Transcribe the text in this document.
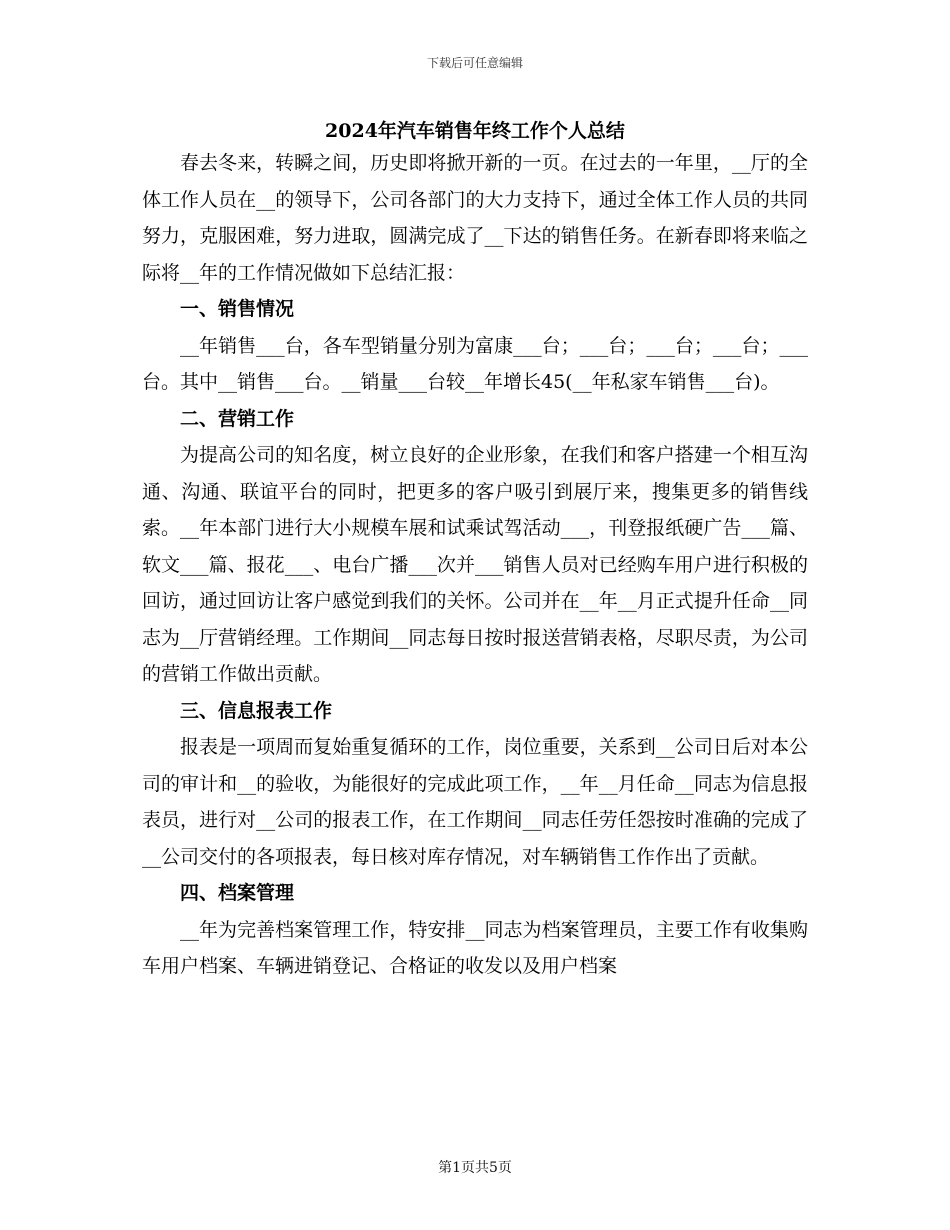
下载后可任意编辑
2024年汽车销售年终工作个人总结

春去冬来，转瞬之间，历史即将掀开新的一页。在过去的一年里，__厅的全体工作人员在__的领导下，公司各部门的大力支持下，通过全体工作人员的共同努力，克服困难，努力进取，圆满完成了__下达的销售任务。在新春即将来临之际将__年的工作情况做如下总结汇报：

一、销售情况

__年销售___台，各车型销量分别为富康___台；___台；___台；___台；___台。其中__销售___台。__销量___台较__年增长45(__年私家车销售___台)。

二、营销工作

为提高公司的知名度，树立良好的企业形象，在我们和客户搭建一个相互沟通、沟通、联谊平台的同时，把更多的客户吸引到展厅来，搜集更多的销售线索。__年本部门进行大小规模车展和试乘试驾活动___，刊登报纸硬广告___篇、软文___篇、报花___、电台广播___次并___销售人员对已经购车用户进行积极的回访，通过回访让客户感觉到我们的关怀。公司并在__年__月正式提升任命__同志为__厅营销经理。工作期间__同志每日按时报送营销表格，尽职尽责，为公司的营销工作做出贡献。

三、信息报表工作

报表是一项周而复始重复循环的工作，岗位重要，关系到__公司日后对本公司的审计和__的验收，为能很好的完成此项工作，__年__月任命__同志为信息报表员，进行对__公司的报表工作，在工作期间__同志任劳任怨按时准确的完成了__公司交付的各项报表，每日核对库存情况，对车辆销售工作作出了贡献。

四、档案管理

__年为完善档案管理工作，特安排__同志为档案管理员，主要工作有收集购车用户档案、车辆进销登记、合格证的收发以及用户档案

第1页共5页
